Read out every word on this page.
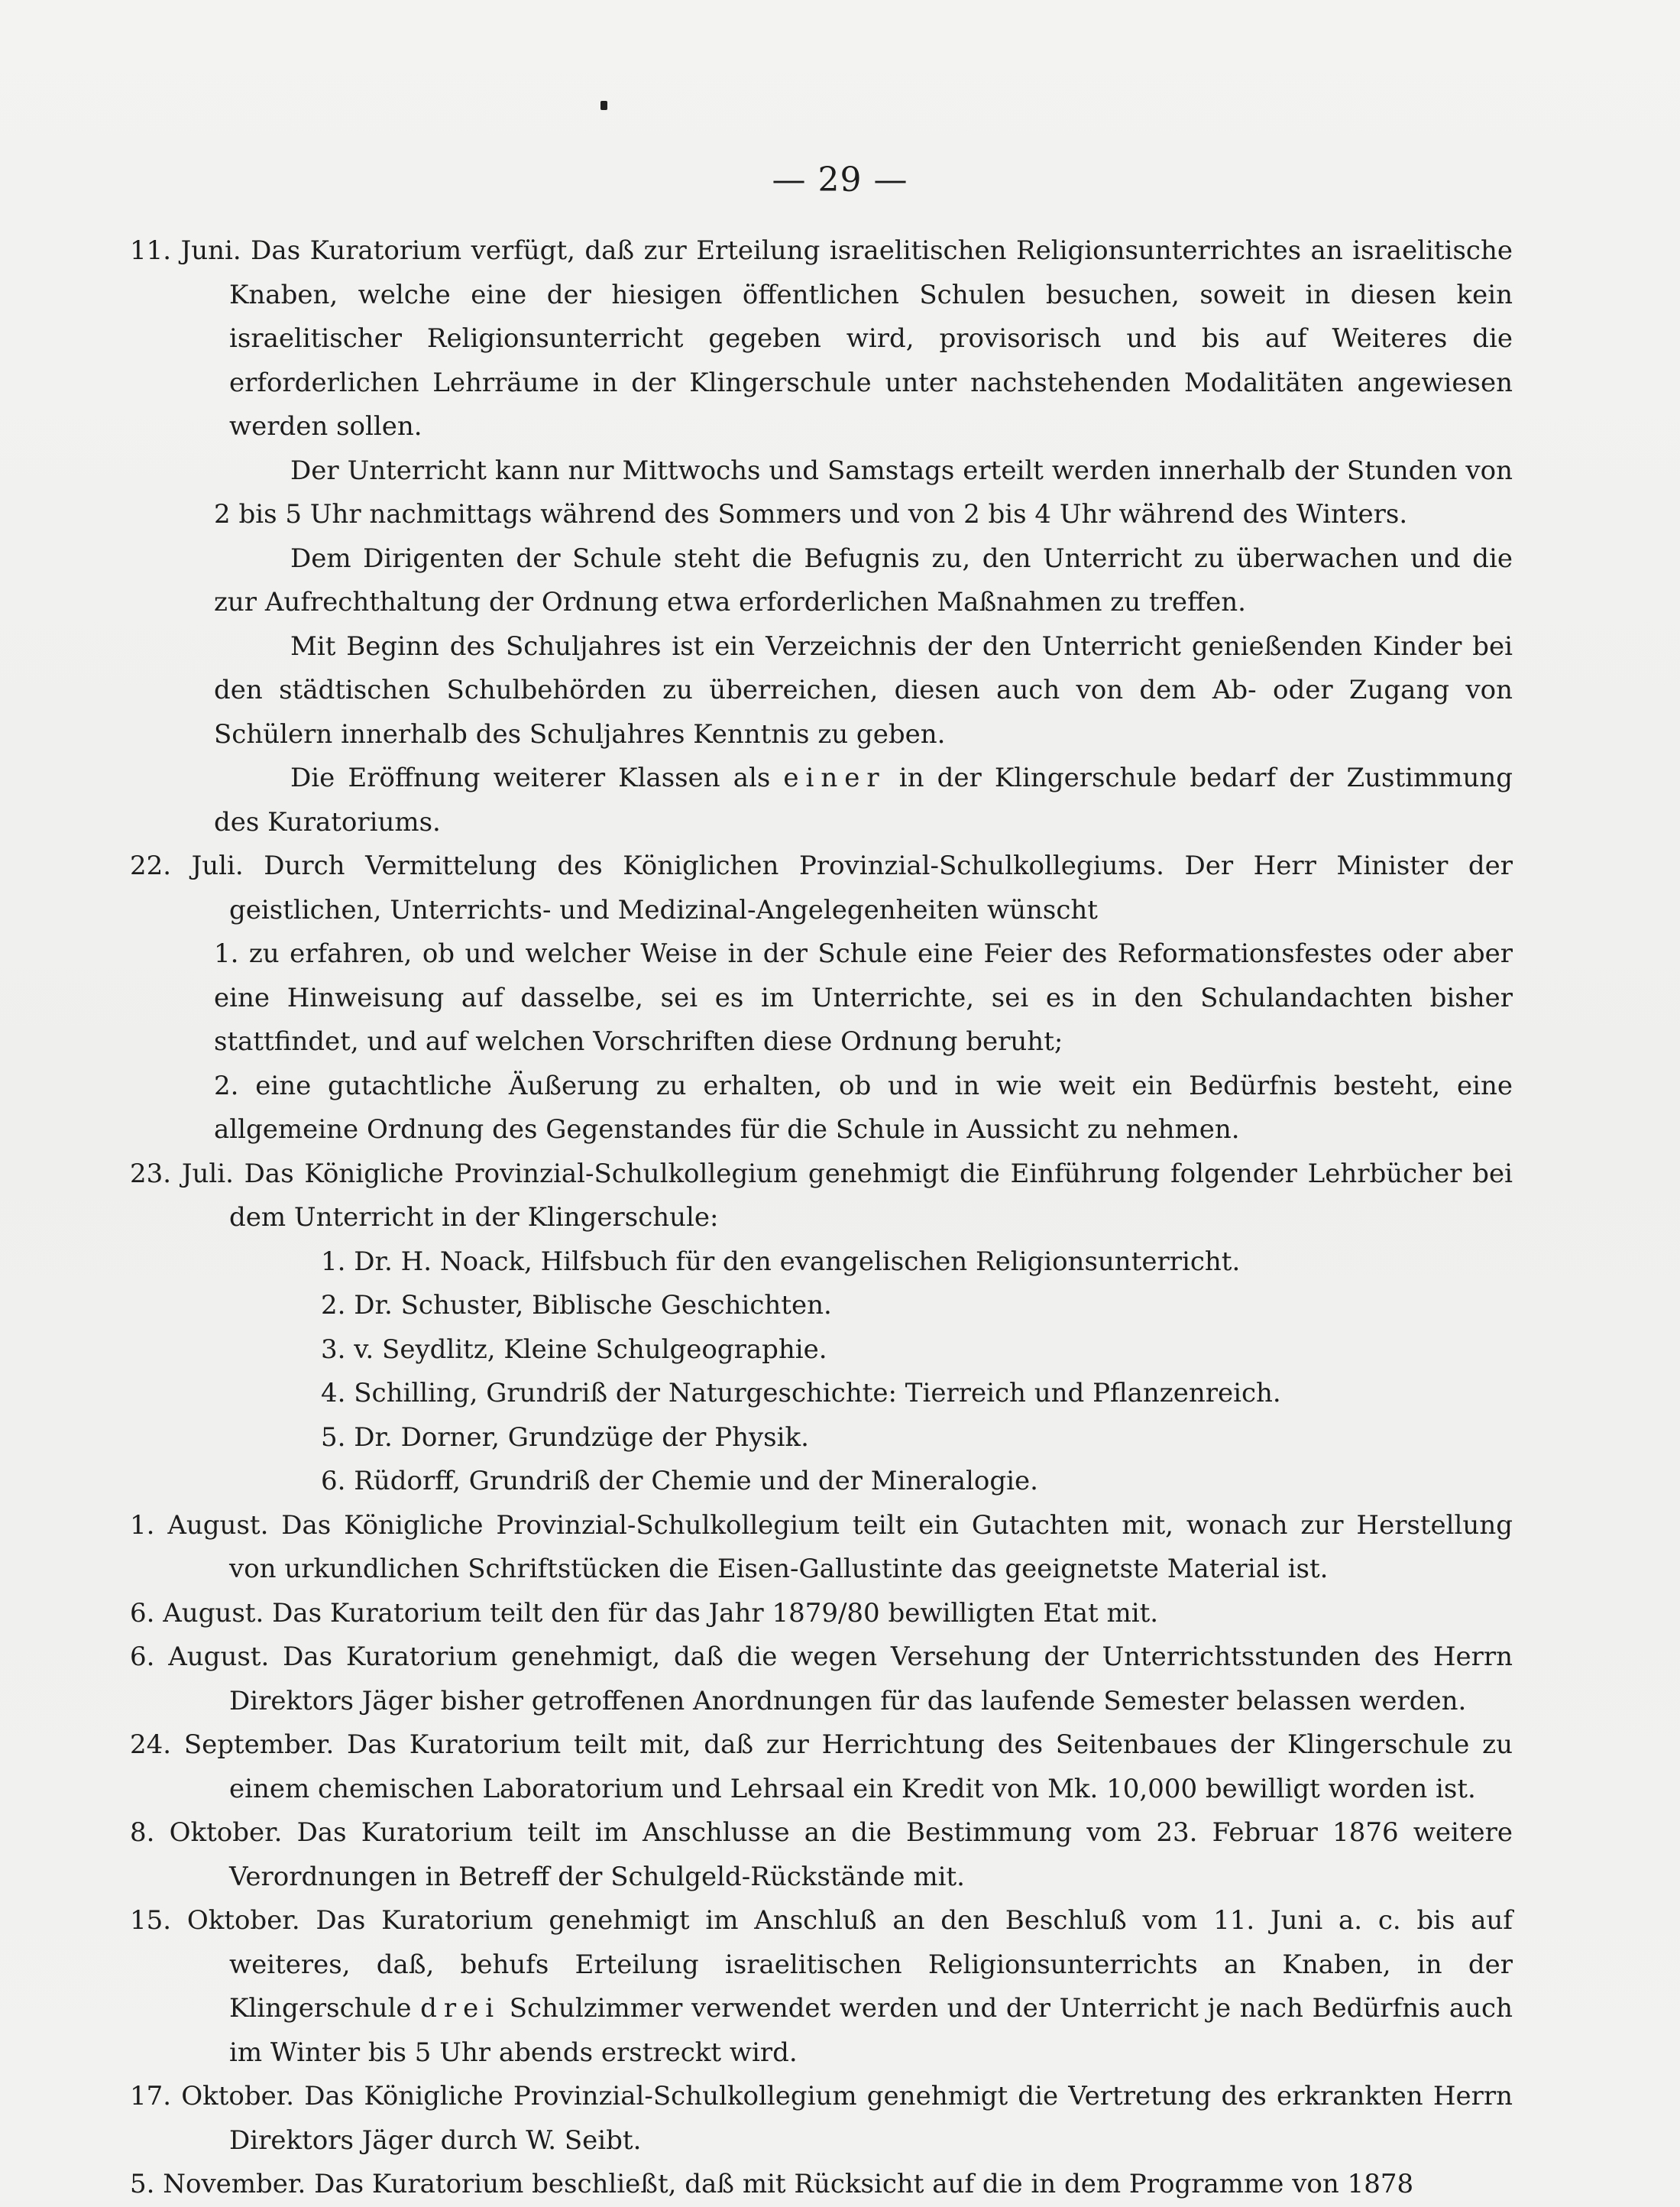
— 29 —

11. Juni. Das Kuratorium verfügt, daß zur Erteilung israelitischen Religionsunterrichtes an israelitische Knaben, welche eine der hiesigen öffentlichen Schulen besuchen, soweit in diesen kein israelitischer Religionsunterricht gegeben wird, provisorisch und bis auf Weiteres die erforderlichen Lehrräume in der Klingerschule unter nachstehenden Modalitäten angewiesen werden sollen.

Der Unterricht kann nur Mittwochs und Samstags erteilt werden innerhalb der Stunden von 2 bis 5 Uhr nachmittags während des Sommers und von 2 bis 4 Uhr während des Winters.

Dem Dirigenten der Schule steht die Befugnis zu, den Unterricht zu überwachen und die zur Aufrechthaltung der Ordnung etwa erforderlichen Maßnahmen zu treffen.

Mit Beginn des Schuljahres ist ein Verzeichnis der den Unterricht genießenden Kinder bei den städtischen Schulbehörden zu überreichen, diesen auch von dem Ab- oder Zugang von Schülern innerhalb des Schuljahres Kenntnis zu geben.

Die Eröffnung weiterer Klassen als einer in der Klingerschule bedarf der Zustimmung des Kuratoriums.

22. Juli. Durch Vermittelung des Königlichen Provinzial-Schulkollegiums. Der Herr Minister der geistlichen, Unterrichts- und Medizinal-Angelegenheiten wünscht

1. zu erfahren, ob und welcher Weise in der Schule eine Feier des Reformationsfestes oder aber eine Hinweisung auf dasselbe, sei es im Unterrichte, sei es in den Schulandachten bisher stattfindet, und auf welchen Vorschriften diese Ordnung beruht;

2. eine gutachtliche Äußerung zu erhalten, ob und in wie weit ein Bedürfnis besteht, eine allgemeine Ordnung des Gegenstandes für die Schule in Aussicht zu nehmen.

23. Juli. Das Königliche Provinzial-Schulkollegium genehmigt die Einführung folgender Lehrbücher bei dem Unterricht in der Klingerschule:

1. Dr. H. Noack, Hilfsbuch für den evangelischen Religionsunterricht.

2. Dr. Schuster, Biblische Geschichten.

3. v. Seydlitz, Kleine Schulgeographie.

4. Schilling, Grundriß der Naturgeschichte: Tierreich und Pflanzenreich.

5. Dr. Dorner, Grundzüge der Physik.

6. Rüdorff, Grundriß der Chemie und der Mineralogie.

1. August. Das Königliche Provinzial-Schulkollegium teilt ein Gutachten mit, wonach zur Herstellung von urkundlichen Schriftstücken die Eisen-Gallustinte das geeignetste Material ist.

6. August. Das Kuratorium teilt den für das Jahr 1879/80 bewilligten Etat mit.

6. August. Das Kuratorium genehmigt, daß die wegen Versehung der Unterrichtsstunden des Herrn Direktors Jäger bisher getroffenen Anordnungen für das laufende Semester belassen werden.

24. September. Das Kuratorium teilt mit, daß zur Herrichtung des Seitenbaues der Klingerschule zu einem chemischen Laboratorium und Lehrsaal ein Kredit von Mk. 10,000 bewilligt worden ist.

8. Oktober. Das Kuratorium teilt im Anschlusse an die Bestimmung vom 23. Februar 1876 weitere Verordnungen in Betreff der Schulgeld-Rückstände mit.

15. Oktober. Das Kuratorium genehmigt im Anschluß an den Beschluß vom 11. Juni a. c. bis auf weiteres, daß, behufs Erteilung israelitischen Religionsunterrichts an Knaben, in der Klingerschule drei Schulzimmer verwendet werden und der Unterricht je nach Bedürfnis auch im Winter bis 5 Uhr abends erstreckt wird.

17. Oktober. Das Königliche Provinzial-Schulkollegium genehmigt die Vertretung des erkrankten Herrn Direktors Jäger durch W. Seibt.

5. November. Das Kuratorium beschließt, daß mit Rücksicht auf die in dem Programme von 1878
